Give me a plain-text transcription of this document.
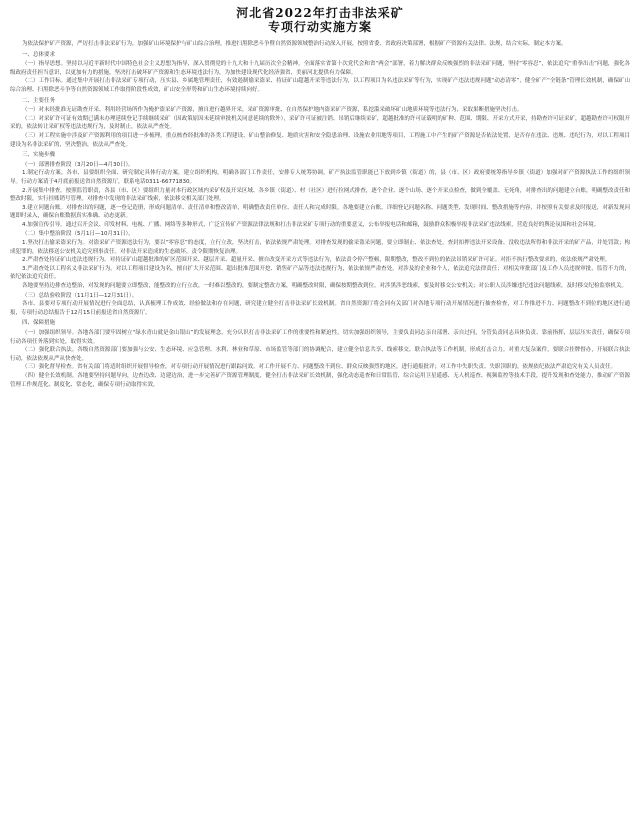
河北省2022年打击非法采矿
专项行动实施方案

为依法保护矿产资源，严厉打击非法采矿行为，加强矿山环境保护与矿山综合治理，推进扫黑除恶斗争暨自然资源领域整治行动深入开展，按照省委、省政府决策部署，根据矿产资源有关法律、法规，结合实际，制定本方案。

一、总体要求

（一）指导思想。坚持以习近平新时代中国特色社会主义思想为指导，深入贯彻党的十九大和十九届历次全会精神，全面落实省第十次党代会和省“两会”部署，着力解决群众反映强烈的非法采矿问题，坚持“零容忍”，依法追究“重拳出击”问题，强化各级政府责任担当意识，以更加有力的措施，坚决打击破坏矿产资源和生态环境违法行为，为加快建设现代化经济强省、美丽河北提供有力保障。

（二）工作目标。通过集中开展打击非法采矿专项行动，压实县、乡属地管理责任，有效遏制偷采盗采、持证矿山超越开采等违法行为，以工程项目为名违法采矿等行为，实现矿产违法违规问题“动态清零”，健全矿产“全链条”管理长效机制，确保矿山综合治理、扫黑除恶斗争等自然资源领域工作取得阶段性成效，矿山安全形势和矿山生态环境持续向好。

二、主要任务

（一）对未经批准无证勘查开采、利用经营场所作为掩护盗采矿产资源，擅自进行越界开采，采矿资源审批、在自然保护地内盗采矿产资源，私挖滥采破坏矿山地质环境等违法行为，采取果断措施坚决打击。

（二）对采矿许可证有效期已满未办理延续登记手续继续采矿（因政策原因未延续审批机关同意延续的除外），采矿许可证被注销、吊销后继续采矿，超越批准的许可证载明的矿种、范围、期限、开采方式开采，持勘查许可证采矿，超越勘查许可权限开采的，依法转让采矿权等违法违规行为，及时制止，依法从严查处。

（三）对工程实施中涉及矿产资源利用的项目进一步梳理，重点核查经批准的各类工程建设、矿山整治修复、地质灾害和安全隐患治理、设施农业用地等项目，工程施工中产生的矿产资源是否依法处置，是否存在违法、违规、违纪行为，对以工程项目建设为名非法采矿的，坚决整治，依法从严查处。

三、实施步骤

（一）部署排查阶段（3月20日—4月30日）。

1.制定行动方案。各市、县要组织全面、研究制定具体行动方案，建立组织机构，明确各部门工作责任，安排专人统筹协调，矿产执法监管职能已下放到乡镇（街道）的，县（市、区）政府要统筹指导乡镇（街道）加强对矿产资源执法工作的组织领导。行动方案请于4月底前报送省自然资源厅，联系电话0311-66771830。

2.开展集中排查。按照监管职责，各县（市、区）要组织力量对本行政区域内采矿权及开采区域、各乡镇（街道）、村（社区）进行拉网式排查，逐个企业、逐个山场、逐个开采点检查，做到全覆盖、无死角，对排查出的问题建立台账，明确整改责任和整改时限，实行挂账销号管理。对排查中发现的非法采矿线索，依法移交相关部门处理。

3.建立问题台账。对排查出的问题，逐一登记造册，形成问题清单、责任清单和整改清单，明确整改责任单位、责任人和完成时限。各地要建立台账，详细登记问题名称、问题类型、发现时间、整改措施等内容，并按照有关要求及时报送，对新发现问题即时录入，确保台账数据真实准确、动态更新。

4.加强宣传引导。通过召开会议、印发材料、电视、广播、网络等多种形式，广泛宣传矿产资源法律法规和打击非法采矿专项行动的重要意义，公布举报电话和邮箱，鼓励群众积极举报非法采矿违法线索，营造良好的舆论氛围和社会环境。

（二）集中整治阶段（5月1日—10月31日）。

1.坚决打击偷采盗采行为。对盗采矿产资源违法行为，要以“零容忍”的态度，立行立改，坚决打击，依法依规严肃处理。对排查发现的偷采盗采问题，要立即制止、依法查处，查封扣押违法开采设备、没收违法所得和非法开采的矿产品，并处罚款；构成犯罪的，依法移送公安机关追究刑事责任。对非法开采造成的生态破坏，责令限期恢复治理。

2.严肃查处持证矿山违法违规行为。对持证矿山超越批准的矿区范围开采、越层开采、超量开采、擅自改变开采方式等违法行为，依法责令停产整顿，限期整改，整改不到位的依法吊销采矿许可证。对拒不执行整改要求的，依法依规严肃处理。

3.严肃查处以工程名义非法采矿行为。对以工程项目建设为名，擅自扩大开采范围、超出批准范围开挖、销售矿产品等违法违规行为，依法依规严肃查处。对涉及的企业和个人，依法追究法律责任；对相关审批部门及工作人员违规审批、监管不力的，依纪依法追究责任。

各地要坚持边排查边整治，对发现的问题要立即整改，能整改的立行立改，一时难以整改的，要制定整改方案，明确整改时限，确保按期整改到位。对涉黑涉恶线索，要及时移交公安机关；对公职人员涉嫌违纪违法问题线索，及时移交纪检监察机关。

（三）总结验收阶段（11月1日—12月31日）。

各市、县要对专项行动开展情况进行全面总结，认真梳理工作成效、经验做法和存在问题，研究建立健全打击非法采矿长效机制。省自然资源厅将会同有关部门对各地专项行动开展情况进行抽查检查，对工作推进不力、问题整改不到位的地区进行通报，专项行动总结报告于12月15日前报送省自然资源厅。

四、保障措施

（一）加强组织领导。各地各部门要牢固树立“绿水青山就是金山银山”的发展理念，充分认识打击非法采矿工作的重要性和紧迫性，切实加强组织领导，主要负责同志亲自部署、亲自过问，分管负责同志具体负责、靠前指挥，层层压实责任，确保专项行动各项任务落到实处，取得实效。

（二）强化联合执法。各级自然资源部门要加强与公安、生态环境、应急管理、水利、林业和草原、市场监管等部门的协调配合，建立健全信息共享、线索移交、联合执法等工作机制，形成打击合力。对重大复杂案件，要联合挂牌督办，开展联合执法行动，依法依规从严从快查处。

（三）强化督导检查。省有关部门将适时组织开展督导检查，对专项行动开展情况进行跟踪问效。对工作开展不力、问题整改不到位、群众反映强烈的地区，进行通报批评；对工作中失职失责、失职渎职的，依规依纪依法严肃追究有关人员责任。

（四）健全长效机制。各地要坚持问题导向，边查边改、边建边治，进一步完善矿产资源管理制度，健全打击非法采矿长效机制，强化动态巡查和日常监管，综合运用卫星遥感、无人机巡查、视频监控等技术手段，提升发现和查处能力，推动矿产资源管理工作规范化、制度化、常态化，确保专项行动取得实效。
